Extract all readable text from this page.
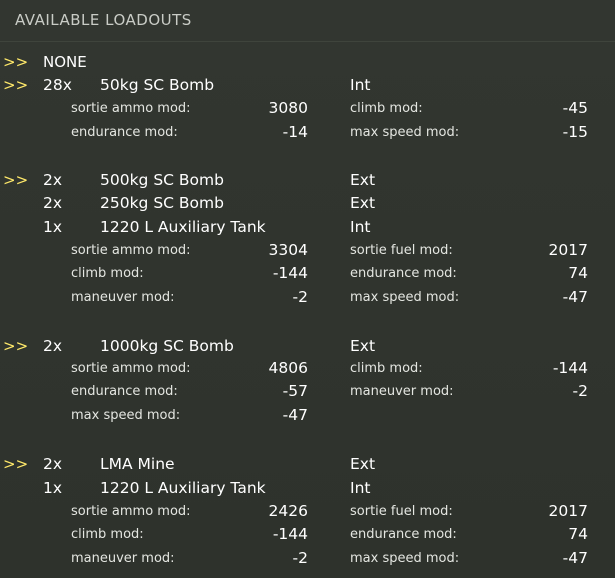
AVAILABLE LOADOUTS
>> NONE
>> 28x 50kg SC Bomb	Int
sortie ammo mod:	3080	climb mod:	-45
endurance mod:	-14	max speed mod:	-15
>> 2x 500kg SC Bomb	Ext
2x 250kg SC Bomb	Ext
1x 1220 L Auxiliary Tank	Int
sortie ammo mod:	3304	sortie fuel mod:	2017
climb mod:	-144	endurance mod:	74
maneuver mod:	-2	max speed mod:	-47
>> 2x 1000kg SC Bomb	Ext
sortie ammo mod:	4806	climb mod:	-144
endurance mod:	-57	maneuver mod:	-2
max speed mod:	-47
>> 2x LMA Mine	Ext
1x 1220 L Auxiliary Tank	Int
sortie ammo mod:	2426	sortie fuel mod:	2017
climb mod:	-144	endurance mod:	74
maneuver mod:	-2	max speed mod:	-47
